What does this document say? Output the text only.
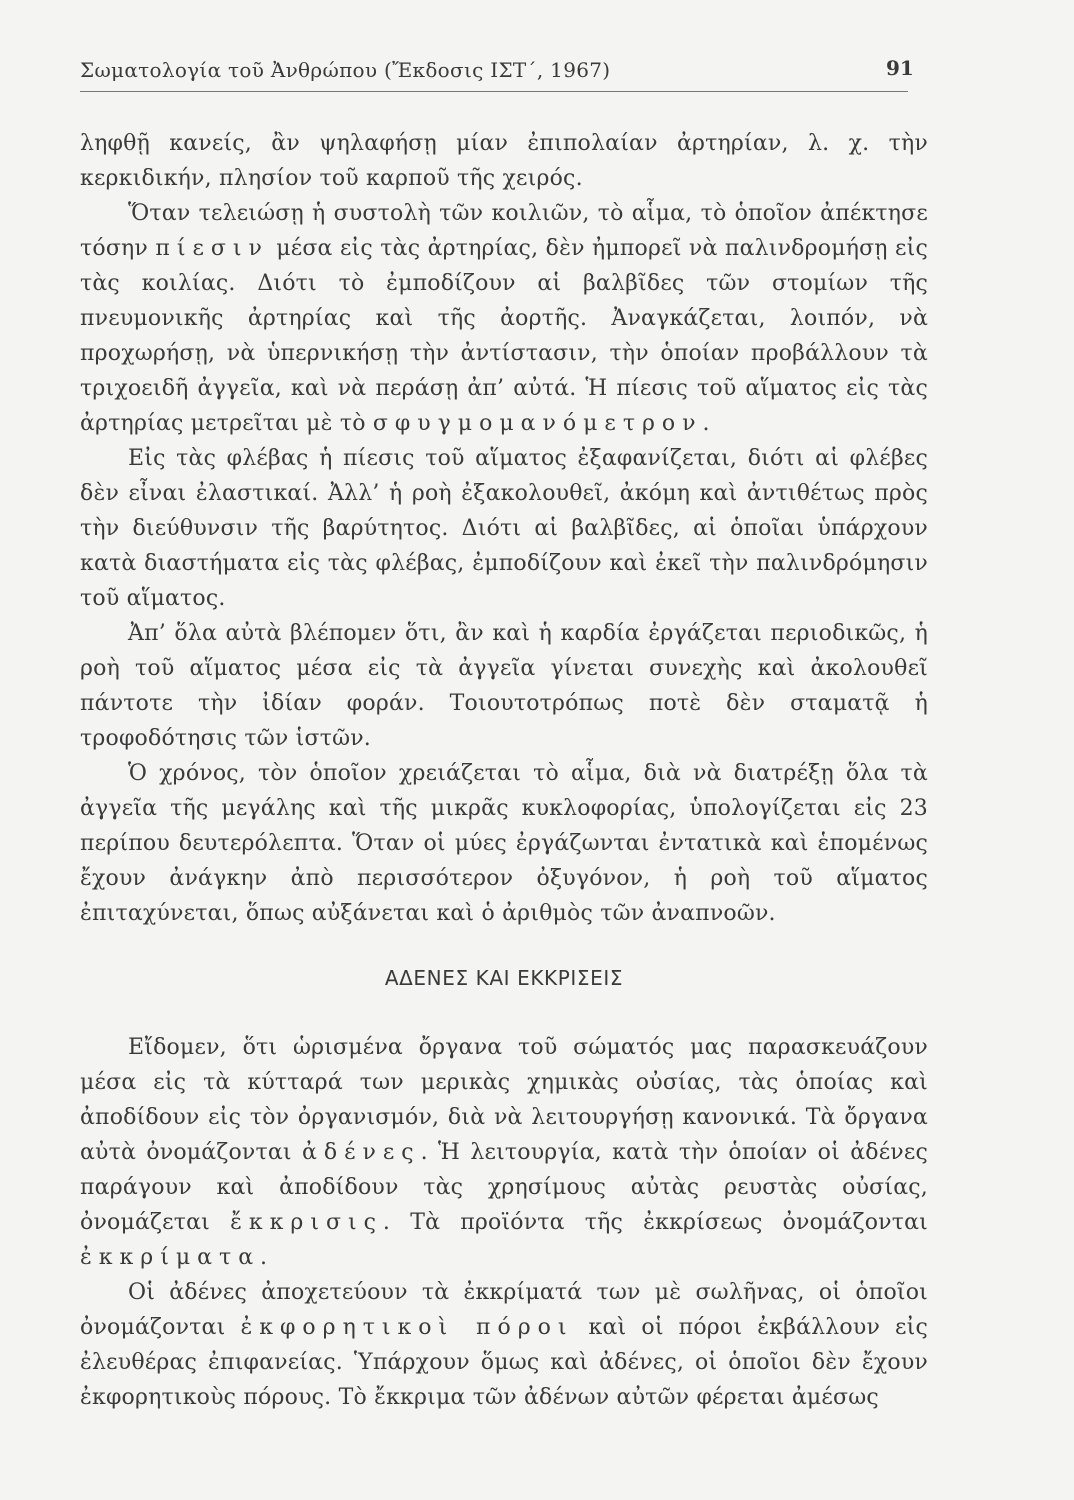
Σωματολογία τοῦ Ἀνθρώπου (Ἔκδοσις ΙΣΤ΄, 1967)	91

ληφθῇ κανείς, ἂν ψηλαφήσῃ μίαν ἐπιπολαίαν ἀρτηρίαν, λ. χ. τὴν κερκιδικήν, πλησίον τοῦ καρποῦ τῆς χειρός.

Ὅταν τελειώσῃ ἡ συστολὴ τῶν κοιλιῶν, τὸ αἷμα, τὸ ὁποῖον ἀπέκτησε τόσην πίεσιν μέσα εἰς τὰς ἀρτηρίας, δὲν ἠμπορεῖ νὰ παλινδρομήσῃ εἰς τὰς κοιλίας. Διότι τὸ ἐμποδίζουν αἱ βαλβῖδες τῶν στομίων τῆς πνευμονικῆς ἀρτηρίας καὶ τῆς ἀορτῆς. Ἀναγκάζεται, λοιπόν, νὰ προχωρήσῃ, νὰ ὑπερνικήσῃ τὴν ἀντίστασιν, τὴν ὁποίαν προβάλλουν τὰ τριχοειδῆ ἀγγεῖα, καὶ νὰ περάσῃ ἀπ’ αὐτά. Ἡ πίεσις τοῦ αἵματος εἰς τὰς ἀρτηρίας μετρεῖται μὲ τὸ σφυγμομανόμετρον.

Εἰς τὰς φλέβας ἡ πίεσις τοῦ αἵματος ἐξαφανίζεται, διότι αἱ φλέβες δὲν εἶναι ἐλαστικαί. Ἀλλ’ ἡ ροὴ ἐξακολουθεῖ, ἀκόμη καὶ ἀντιθέτως πρὸς τὴν διεύθυνσιν τῆς βαρύτητος. Διότι αἱ βαλβῖδες, αἱ ὁποῖαι ὑπάρχουν κατὰ διαστήματα εἰς τὰς φλέβας, ἐμποδίζουν καὶ ἐκεῖ τὴν παλινδρόμησιν τοῦ αἵματος.

Ἀπ’ ὅλα αὐτὰ βλέπομεν ὅτι, ἂν καὶ ἡ καρδία ἐργάζεται περιοδικῶς, ἡ ροὴ τοῦ αἵματος μέσα εἰς τὰ ἀγγεῖα γίνεται συνεχὴς καὶ ἀκολουθεῖ πάντοτε τὴν ἰδίαν φοράν. Τοιουτοτρόπως ποτὲ δὲν σταματᾷ ἡ τροφοδότησις τῶν ἱστῶν.

Ὁ χρόνος, τὸν ὁποῖον χρειάζεται τὸ αἷμα, διὰ νὰ διατρέξῃ ὅλα τὰ ἀγγεῖα τῆς μεγάλης καὶ τῆς μικρᾶς κυκλοφορίας, ὑπολογίζεται εἰς 23 περίπου δευτερόλεπτα. Ὅταν οἱ μύες ἐργάζωνται ἐντατικὰ καὶ ἑπομένως ἔχουν ἀνάγκην ἀπὸ περισσότερον ὀξυγόνον, ἡ ροὴ τοῦ αἵματος ἐπιταχύνεται, ὅπως αὐξάνεται καὶ ὁ ἀριθμὸς τῶν ἀναπνοῶν.

ΑΔΕΝΕΣ ΚΑΙ ΕΚΚΡΙΣΕΙΣ

Εἴδομεν, ὅτι ὡρισμένα ὄργανα τοῦ σώματός μας παρασκευάζουν μέσα εἰς τὰ κύτταρά των μερικὰς χημικὰς οὐσίας, τὰς ὁποίας καὶ ἀποδίδουν εἰς τὸν ὀργανισμόν, διὰ νὰ λειτουργήσῃ κανονικά. Τὰ ὄργανα αὐτὰ ὀνομάζονται ἀδένες. Ἡ λειτουργία, κατὰ τὴν ὁποίαν οἱ ἀδένες παράγουν καὶ ἀποδίδουν τὰς χρησίμους αὐτὰς ρευστὰς οὐσίας, ὀνομάζεται ἔκκρισις. Τὰ προϊόντα τῆς ἐκκρίσεως ὀνομάζονται ἐκκρίματα.

Οἱ ἀδένες ἀποχετεύουν τὰ ἐκκρίματά των μὲ σωλῆνας, οἱ ὁποῖοι ὀνομάζονται ἐκφορητικοὶ πόροι καὶ οἱ πόροι ἐκβάλλουν εἰς ἐλευθέρας ἐπιφανείας. Ὑπάρχουν ὅμως καὶ ἀδένες, οἱ ὁποῖοι δὲν ἔχουν ἐκφορητικοὺς πόρους. Τὸ ἔκκριμα τῶν ἀδένων αὐτῶν φέρεται ἀμέσως
